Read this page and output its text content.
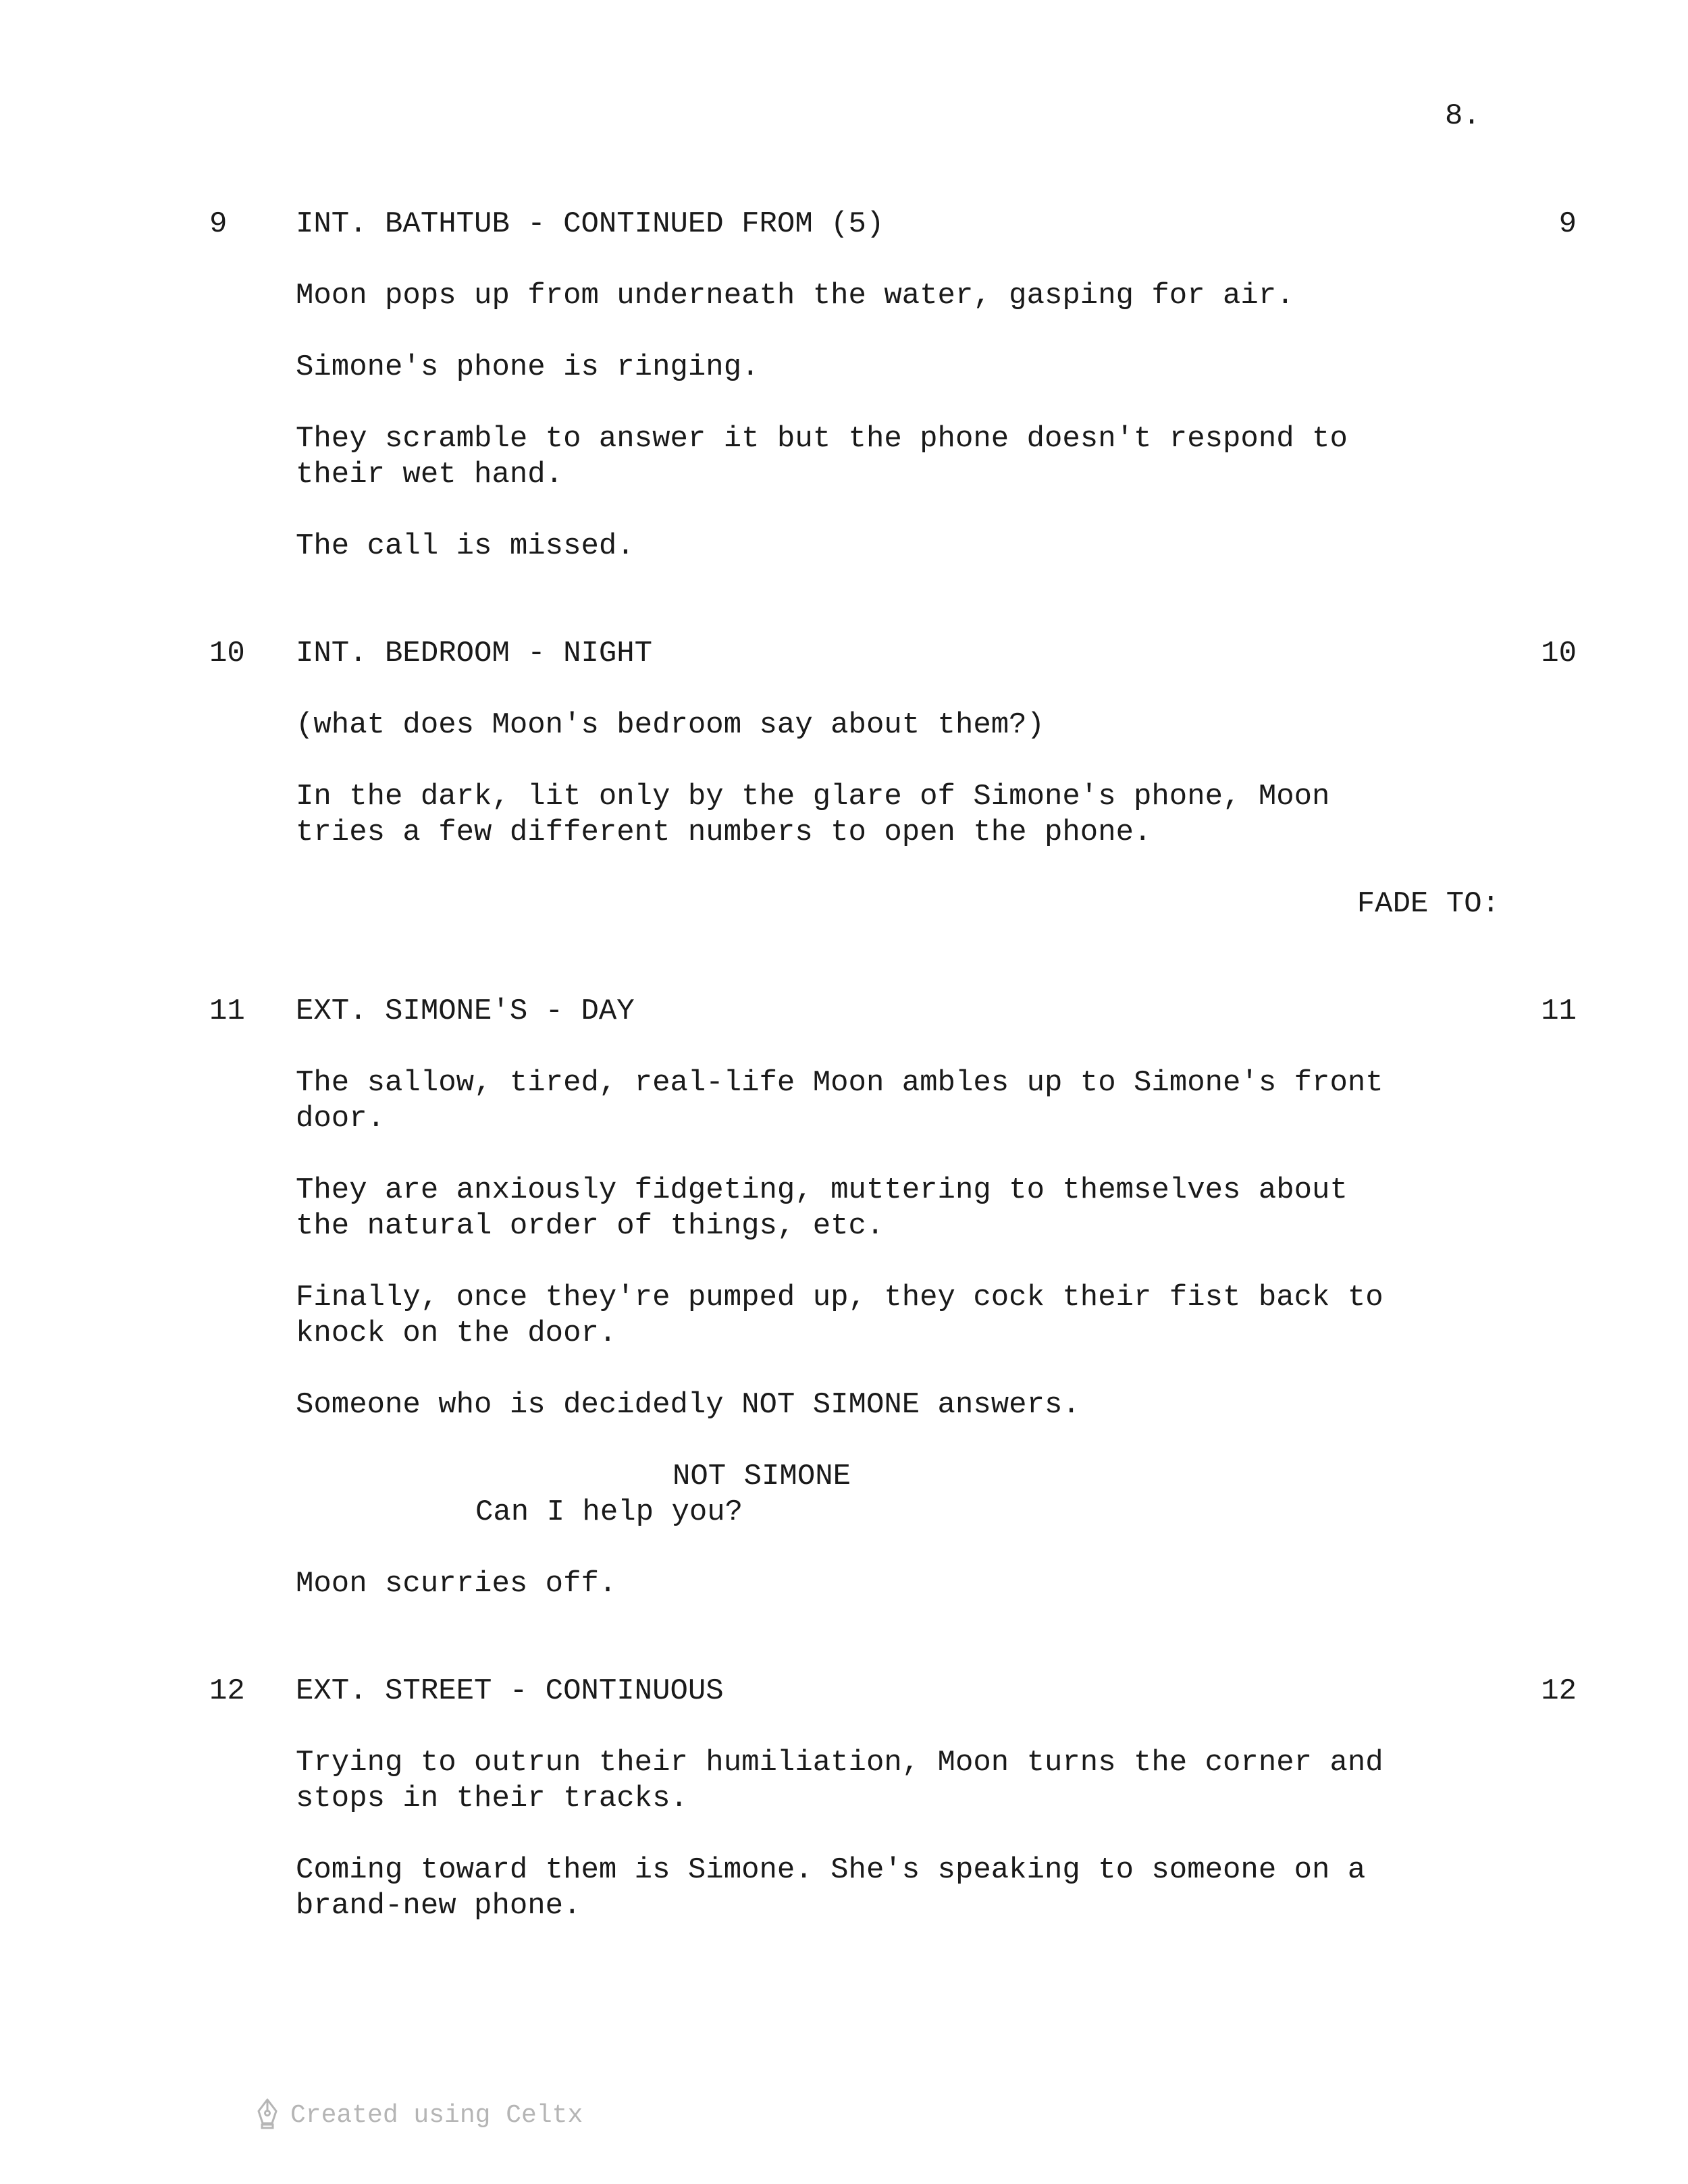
8.
9 INT. BATHTUB - CONTINUED FROM (5)	9
Moon pops up from underneath the water, gasping for air.
Simone's phone is ringing.
They scramble to answer it but the phone doesn't respond to
their wet hand.
The call is missed.
10 INT. BEDROOM - NIGHT	10
(what does Moon's bedroom say about them?)
In the dark, lit only by the glare of Simone's phone, Moon
tries a few different numbers to open the phone.
FADE TO:
11 EXT. SIMONE'S - DAY	11
The sallow, tired, real-life Moon ambles up to Simone's front
door.
They are anxiously fidgeting, muttering to themselves about
the natural order of things, etc.
Finally, once they're pumped up, they cock their fist back to
knock on the door.
Someone who is decidedly NOT SIMONE answers.
NOT SIMONE
Can I help you?
Moon scurries off.
12 EXT. STREET - CONTINUOUS	12
Trying to outrun their humiliation, Moon turns the corner and
stops in their tracks.
Coming toward them is Simone. She's speaking to someone on a
brand-new phone.
Created using Celtx
